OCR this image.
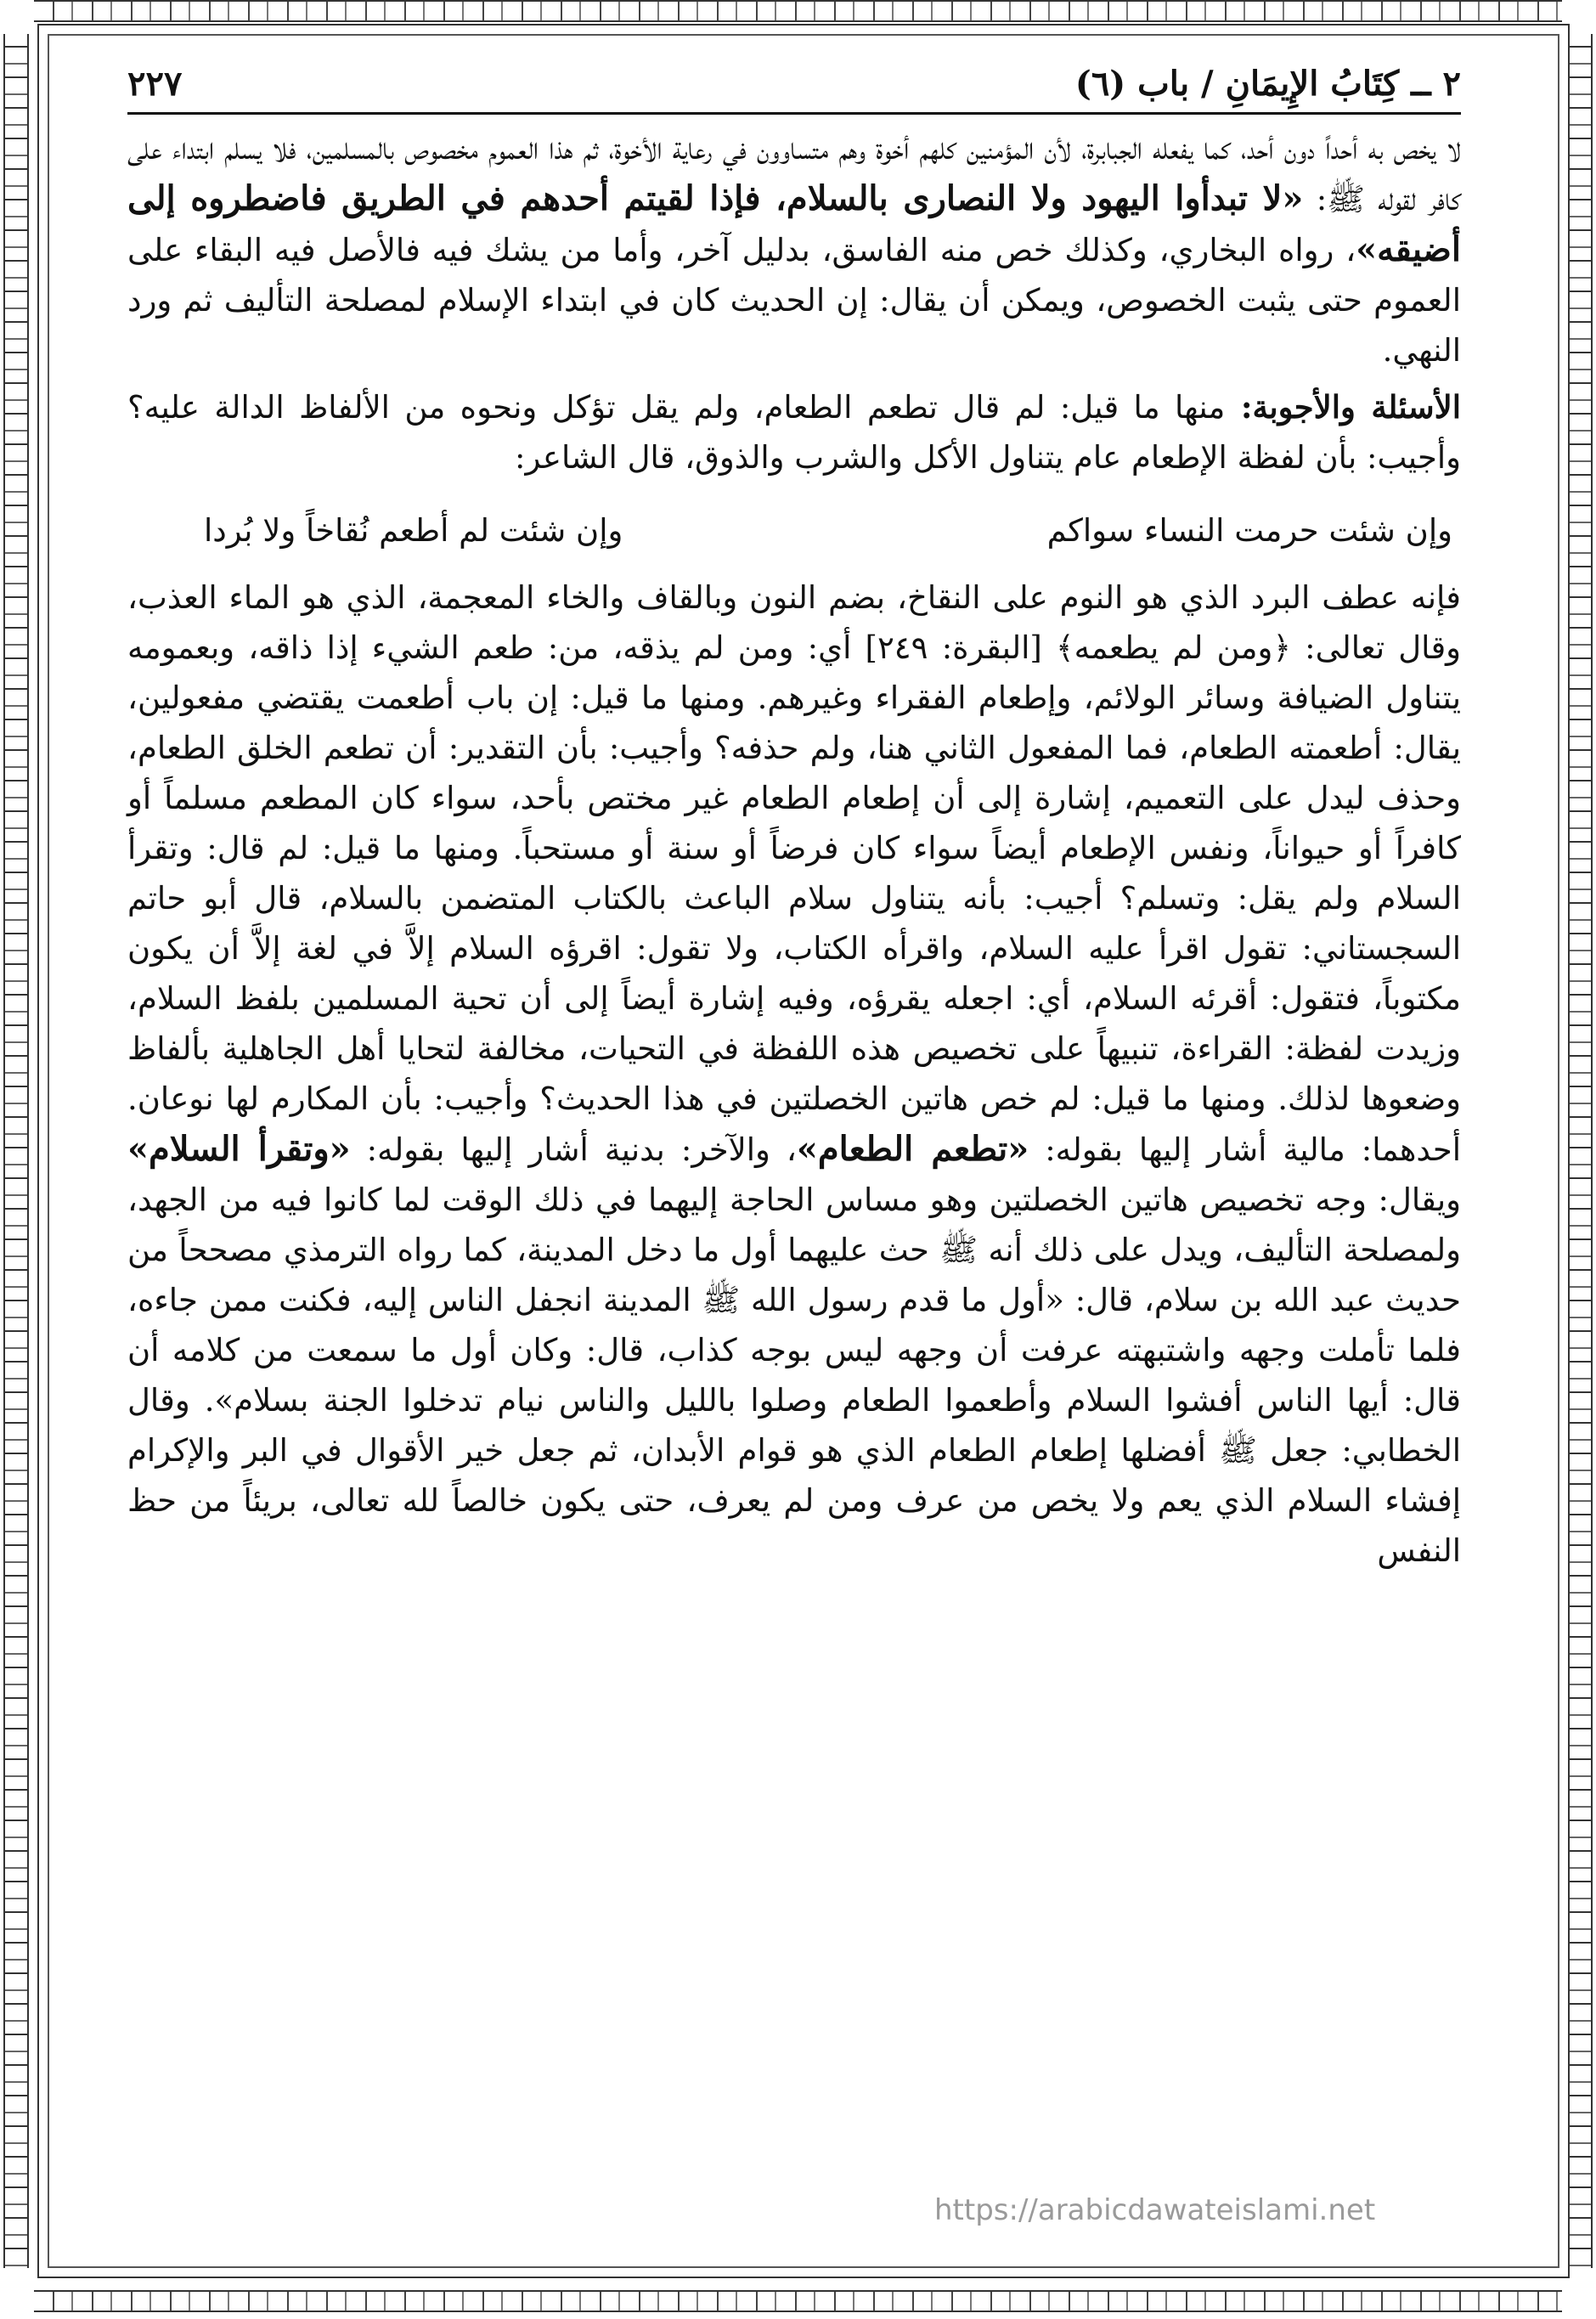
٢ ــ كِتَابُ الإِيمَانِ / باب (٦)
٢٢٧

لا يخص به أحداً دون أحد، كما يفعله الجبابرة، لأن المؤمنين كلهم أخوة وهم متساوون في رعاية الأخوة، ثم هذا العموم مخصوص بالمسلمين، فلا يسلم ابتداء على كافر لقوله ﷺ: «لا تبدأوا اليهود ولا النصارى بالسلام، فإذا لقيتم أحدهم في الطريق فاضطروه إلى أضيقه»، رواه البخاري، وكذلك خص منه الفاسق، بدليل آخر، وأما من يشك فيه فالأصل فيه البقاء على العموم حتى يثبت الخصوص، ويمكن أن يقال: إن الحديث كان في ابتداء الإسلام لمصلحة التأليف ثم ورد النهي.

الأسئلة والأجوبة: منها ما قيل: لم قال تطعم الطعام، ولم يقل تؤكل ونحوه من الألفاظ الدالة عليه؟ وأجيب: بأن لفظة الإطعام عام يتناول الأكل والشرب والذوق، قال الشاعر:

وإن شئت حرمت النساء سواكم
وإن شئت لم أطعم نُقاخاً ولا بُردا

فإنه عطف البرد الذي هو النوم على النقاخ، بضم النون وبالقاف والخاء المعجمة، الذي هو الماء العذب، وقال تعالى: ﴿ومن لم يطعمه﴾ [البقرة: ٢٤٩] أي: ومن لم يذقه، من: طعم الشيء إذا ذاقه، وبعمومه يتناول الضيافة وسائر الولائم، وإطعام الفقراء وغيرهم. ومنها ما قيل: إن باب أطعمت يقتضي مفعولين، يقال: أطعمته الطعام، فما المفعول الثاني هنا، ولم حذفه؟ وأجيب: بأن التقدير: أن تطعم الخلق الطعام، وحذف ليدل على التعميم، إشارة إلى أن إطعام الطعام غير مختص بأحد، سواء كان المطعم مسلماً أو كافراً أو حيواناً، ونفس الإطعام أيضاً سواء كان فرضاً أو سنة أو مستحباً. ومنها ما قيل: لم قال: وتقرأ السلام ولم يقل: وتسلم؟ أجيب: بأنه يتناول سلام الباعث بالكتاب المتضمن بالسلام، قال أبو حاتم السجستاني: تقول اقرأ عليه السلام، واقرأه الكتاب، ولا تقول: اقرؤه السلام إلاَّ في لغة إلاَّ أن يكون مكتوباً، فتقول: أقرئه السلام، أي: اجعله يقرؤه، وفيه إشارة أيضاً إلى أن تحية المسلمين بلفظ السلام، وزيدت لفظة: القراءة، تنبيهاً على تخصيص هذه اللفظة في التحيات، مخالفة لتحايا أهل الجاهلية بألفاظ وضعوها لذلك. ومنها ما قيل: لم خص هاتين الخصلتين في هذا الحديث؟ وأجيب: بأن المكارم لها نوعان. أحدهما: مالية أشار إليها بقوله: «تطعم الطعام»، والآخر: بدنية أشار إليها بقوله: «وتقرأ السلام» ويقال: وجه تخصيص هاتين الخصلتين وهو مساس الحاجة إليهما في ذلك الوقت لما كانوا فيه من الجهد، ولمصلحة التأليف، ويدل على ذلك أنه ﷺ حث عليهما أول ما دخل المدينة، كما رواه الترمذي مصححاً من حديث عبد الله بن سلام، قال: «أول ما قدم رسول الله ﷺ المدينة انجفل الناس إليه، فكنت ممن جاءه، فلما تأملت وجهه واشتبهته عرفت أن وجهه ليس بوجه كذاب، قال: وكان أول ما سمعت من كلامه أن قال: أيها الناس أفشوا السلام وأطعموا الطعام وصلوا بالليل والناس نيام تدخلوا الجنة بسلام». وقال الخطابي: جعل ﷺ أفضلها إطعام الطعام الذي هو قوام الأبدان، ثم جعل خير الأقوال في البر والإكرام إفشاء السلام الذي يعم ولا يخص من عرف ومن لم يعرف، حتى يكون خالصاً لله تعالى، بريئاً من حظ النفس

https://arabicdawateislami.net
